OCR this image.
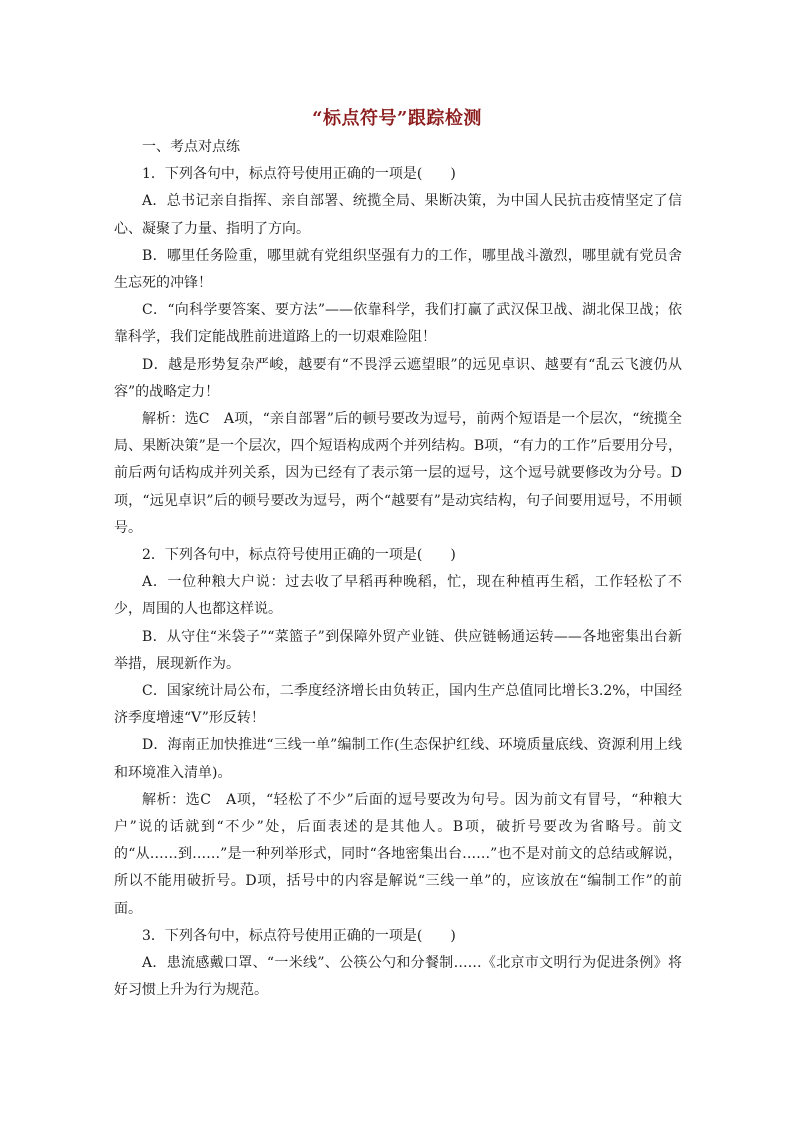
“标点符号”跟踪检测

一、考点对点练

1．下列各句中，标点符号使用正确的一项是(　　)

A．总书记亲自指挥、亲自部署、统揽全局、果断决策，为中国人民抗击疫情坚定了信心、凝聚了力量、指明了方向。

B．哪里任务险重，哪里就有党组织坚强有力的工作，哪里战斗激烈，哪里就有党员舍生忘死的冲锋！

C．“向科学要答案、要方法”——依靠科学，我们打赢了武汉保卫战、湖北保卫战；依靠科学，我们定能战胜前进道路上的一切艰难险阻！

D．越是形势复杂严峻，越要有“不畏浮云遮望眼”的远见卓识、越要有“乱云飞渡仍从容”的战略定力！

解析：选C　A项，“亲自部署”后的顿号要改为逗号，前两个短语是一个层次，“统揽全局、果断决策”是一个层次，四个短语构成两个并列结构。B项，“有力的工作”后要用分号，前后两句话构成并列关系，因为已经有了表示第一层的逗号，这个逗号就要修改为分号。D项，“远见卓识”后的顿号要改为逗号，两个“越要有”是动宾结构，句子间要用逗号，不用顿号。

2．下列各句中，标点符号使用正确的一项是(　　)

A．一位种粮大户说：过去收了早稻再种晚稻，忙，现在种植再生稻，工作轻松了不少，周围的人也都这样说。

B．从守住“米袋子”“菜篮子”到保障外贸产业链、供应链畅通运转——各地密集出台新举措，展现新作为。

C．国家统计局公布，二季度经济增长由负转正，国内生产总值同比增长3.2%，中国经济季度增速“V”形反转！

D．海南正加快推进“三线一单”编制工作(生态保护红线、环境质量底线、资源利用上线和环境准入清单)。

解析：选C　A项，“轻松了不少”后面的逗号要改为句号。因为前文有冒号，“种粮大户”说的话就到“不少”处，后面表述的是其他人。B项，破折号要改为省略号。前文的“从……到……”是一种列举形式，同时“各地密集出台……”也不是对前文的总结或解说，所以不能用破折号。D项，括号中的内容是解说“三线一单”的，应该放在“编制工作”的前面。

3．下列各句中，标点符号使用正确的一项是(　　)

A．患流感戴口罩、“一米线”、公筷公勺和分餐制……《北京市文明行为促进条例》将好习惯上升为行为规范。
